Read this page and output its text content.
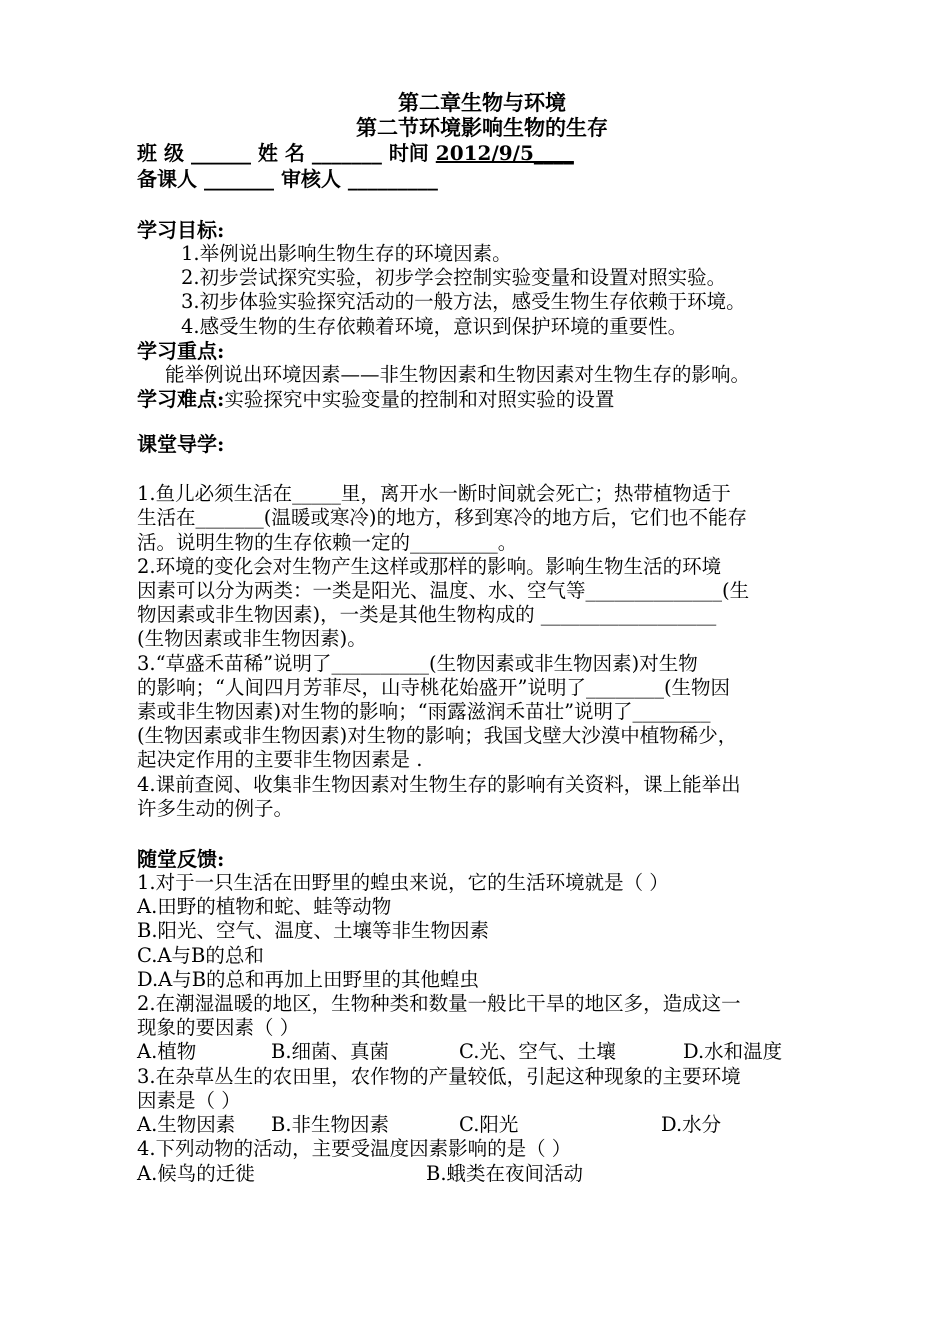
第二章生物与环境
第二节环境影响生物的生存
班 级 ______ 姓 名 _______ 时间 2012/9/5____
备课人 _______ 审核人 _________
学习目标:
1.举例说出影响生物生存的环境因素。
2.初步尝试探究实验，初步学会控制实验变量和设置对照实验。
3.初步体验实验探究活动的一般方法，感受生物生存依赖于环境。
4.感受生物的生存依赖着环境，意识到保护环境的重要性。
学习重点:
能举例说出环境因素——非生物因素和生物因素对生物生存的影响。
学习难点:实验探究中实验变量的控制和对照实验的设置
课堂导学:
1.鱼儿必须生活在_____里，离开水一断时间就会死亡；热带植物适于
生活在_______(温暖或寒冷)的地方，移到寒冷的地方后，它们也不能存
活。说明生物的生存依赖一定的_________。
2.环境的变化会对生物产生这样或那样的影响。影响生物生活的环境
因素可以分为两类：一类是阳光、温度、水、空气等______________(生
物因素或非生物因素)，一类是其他生物构成的 __________________
(生物因素或非生物因素)。
3.“草盛禾苗稀”说明了__________(生物因素或非生物因素)对生物
的影响；“人间四月芳菲尽，山寺桃花始盛开”说明了________(生物因
素或非生物因素)对生物的影响；“雨露滋润禾苗壮”说明了________
(生物因素或非生物因素)对生物的影响；我国戈壁大沙漠中植物稀少，
起决定作用的主要非生物因素是 .
4.课前查阅、收集非生物因素对生物生存的影响有关资料，课上能举出
许多生动的例子。
随堂反馈:
1.对于一只生活在田野里的蝗虫来说，它的生活环境就是（ ）
A.田野的植物和蛇、蛙等动物
B.阳光、空气、温度、土壤等非生物因素
C.A与B的总和
D.A与B的总和再加上田野里的其他蝗虫
2.在潮湿温暖的地区，生物种类和数量一般比干旱的地区多，造成这一
现象的要因素（ ）
A.植物	B.细菌、真菌	C.光、空气、土壤	D.水和温度
3.在杂草丛生的农田里，农作物的产量较低，引起这种现象的主要环境
因素是（ ）
A.生物因素 B.非生物因素	C.阳光	D.水分
4.下列动物的活动，主要受温度因素影响的是（ ）
A.候鸟的迁徙	B.蛾类在夜间活动
